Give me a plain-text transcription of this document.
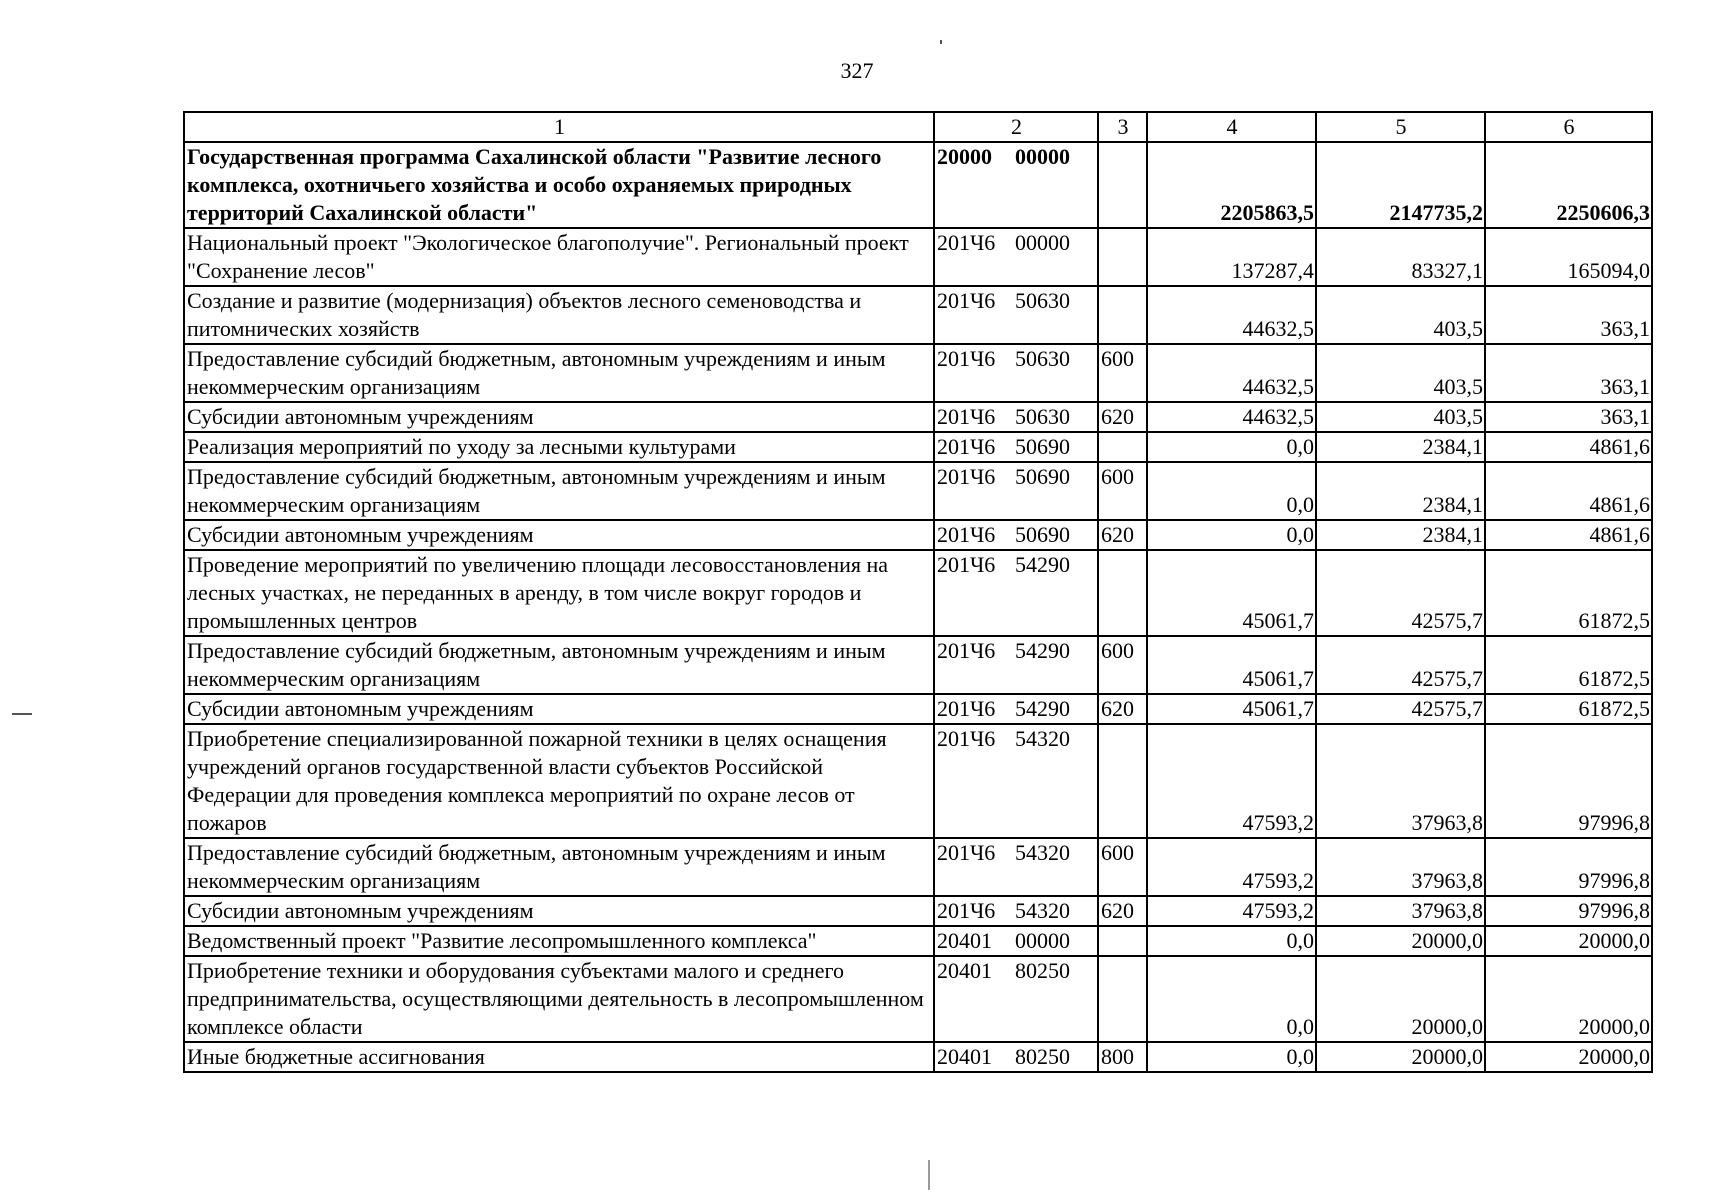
327
1	2	3	4	5	6
Государственная программа Сахалинской области "Развитие лесного комплекса, охотничьего хозяйства и особо охраняемых природных территорий Сахалинской области"	20000 00000		2205863,5	2147735,2	2250606,3
Национальный проект "Экологическое благополучие". Региональный проект "Сохранение лесов"	201Ч6 00000		137287,4	83327,1	165094,0
Создание и развитие (модернизация) объектов лесного семеноводства и питомнических хозяйств	201Ч6 50630		44632,5	403,5	363,1
Предоставление субсидий бюджетным, автономным учреждениям и иным некоммерческим организациям	201Ч6 50630	600	44632,5	403,5	363,1
Субсидии автономным учреждениям	201Ч6 50630	620	44632,5	403,5	363,1
Реализация мероприятий по уходу за лесными культурами	201Ч6 50690		0,0	2384,1	4861,6
Предоставление субсидий бюджетным, автономным учреждениям и иным некоммерческим организациям	201Ч6 50690	600	0,0	2384,1	4861,6
Субсидии автономным учреждениям	201Ч6 50690	620	0,0	2384,1	4861,6
Проведение мероприятий по увеличению площади лесовосстановления на лесных участках, не переданных в аренду, в том числе вокруг городов и промышленных центров	201Ч6 54290		45061,7	42575,7	61872,5
Предоставление субсидий бюджетным, автономным учреждениям и иным некоммерческим организациям	201Ч6 54290	600	45061,7	42575,7	61872,5
Субсидии автономным учреждениям	201Ч6 54290	620	45061,7	42575,7	61872,5
Приобретение специализированной пожарной техники в целях оснащения учреждений органов государственной власти субъектов Российской Федерации для проведения комплекса мероприятий по охране лесов от пожаров	201Ч6 54320		47593,2	37963,8	97996,8
Предоставление субсидий бюджетным, автономным учреждениям и иным некоммерческим организациям	201Ч6 54320	600	47593,2	37963,8	97996,8
Субсидии автономным учреждениям	201Ч6 54320	620	47593,2	37963,8	97996,8
Ведомственный проект "Развитие лесопромышленного комплекса"	20401 00000		0,0	20000,0	20000,0
Приобретение техники и оборудования субъектами малого и среднего предпринимательства, осуществляющими деятельность в лесопромышленном комплексе области	20401 80250		0,0	20000,0	20000,0
Иные бюджетные ассигнования	20401 80250	800	0,0	20000,0	20000,0
